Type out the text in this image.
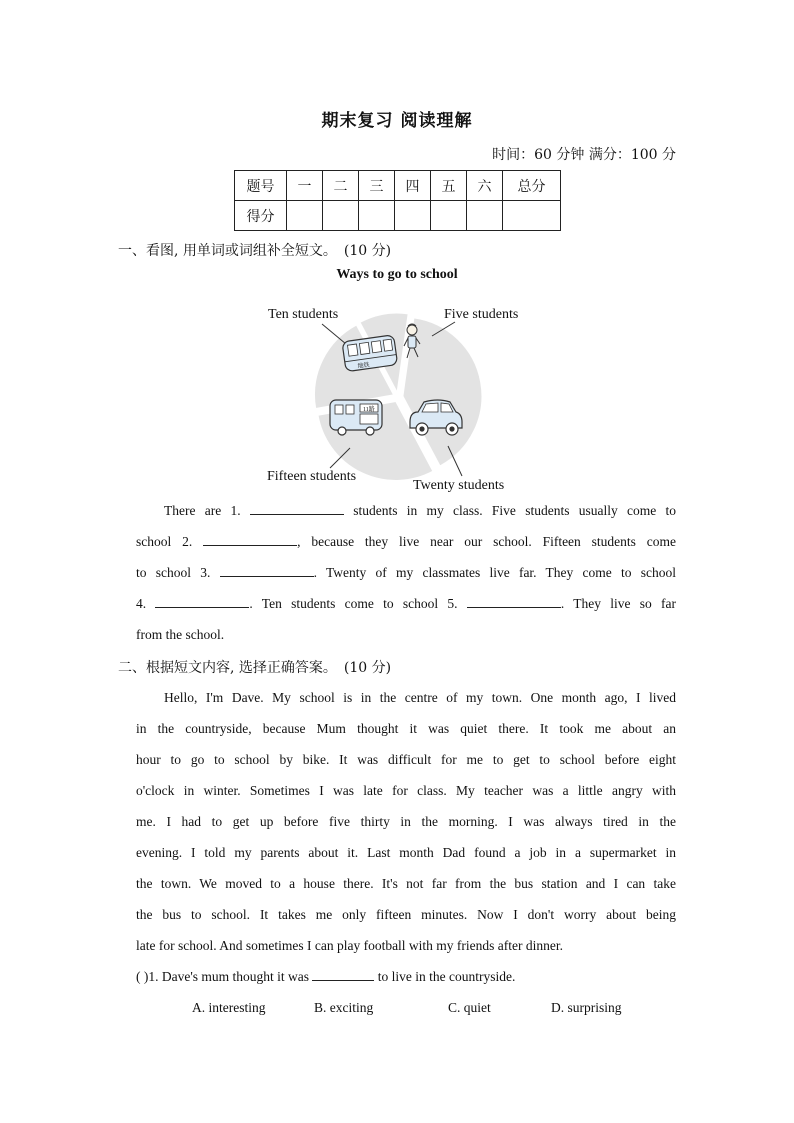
期末复习 阅读理解
时间：60 分钟 满分：100 分
题号	一	二	三	四	五	六	总分
得分							
一、看图, 用单词或词组补全短文。　(10 分)
Ways to go to school
Ten students	Five students
Twenty students
Fifteen students
地铁
11路

There are 1.	students in my class. Five students usually come to

school 2.	, because they live near our school. Fifteen students come

to school 3.	. Twenty of my classmates live far. They come to school

4.	. Ten students come to school 5.	. They live so far

from the school.

二、根据短文内容, 选择正确答案。　(10 分)

Hello, I'm Dave. My school is in the centre of my town. One month ago, I lived

in the countryside, because Mum thought it was quiet there. It took me about an

hour to go to school by bike. It was difficult for me to get to school before eight

o'clock in winter. Sometimes I was late for class. My teacher was a little angry with

me. I had to get up before five thirty in the morning. I was always tired in the

evening. I told my parents about it. Last month Dad found a job in a supermarket in

the town. We moved to a house there. It's not far from the bus station and I can take

the bus to school. It takes me only fifteen minutes. Now I don't worry about being

late for school. And sometimes I can play football with my friends after dinner.

( )1. Dave's mum thought it was	to live in the countryside.
A. interesting	B. exciting	C. quiet	D. surprising
